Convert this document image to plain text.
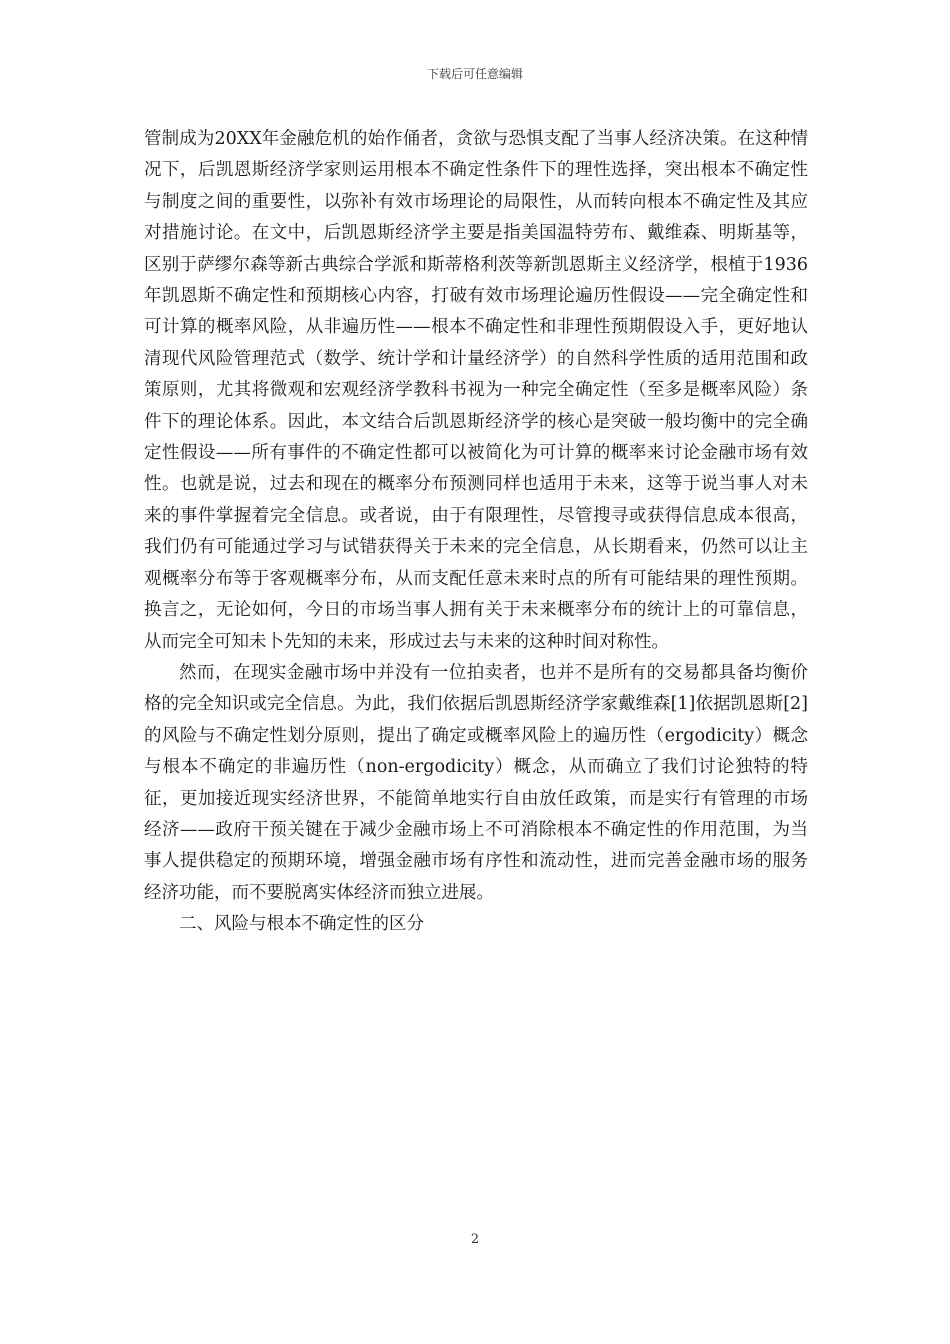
下载后可任意编辑

管制成为20XX年金融危机的始作俑者，贪欲与恐惧支配了当事人经济决策。在这种情况下，后凯恩斯经济学家则运用根本不确定性条件下的理性选择，突出根本不确定性与制度之间的重要性，以弥补有效市场理论的局限性，从而转向根本不确定性及其应对措施讨论。在文中，后凯恩斯经济学主要是指美国温特劳布、戴维森、明斯基等，区别于萨缪尔森等新古典综合学派和斯蒂格利茨等新凯恩斯主义经济学，根植于1936年凯恩斯不确定性和预期核心内容，打破有效市场理论遍历性假设——完全确定性和可计算的概率风险，从非遍历性——根本不确定性和非理性预期假设入手，更好地认清现代风险管理范式（数学、统计学和计量经济学）的自然科学性质的适用范围和政策原则，尤其将微观和宏观经济学教科书视为一种完全确定性（至多是概率风险）条件下的理论体系。因此，本文结合后凯恩斯经济学的核心是突破一般均衡中的完全确定性假设——所有事件的不确定性都可以被简化为可计算的概率来讨论金融市场有效性。也就是说，过去和现在的概率分布预测同样也适用于未来，这等于说当事人对未来的事件掌握着完全信息。或者说，由于有限理性，尽管搜寻或获得信息成本很高，我们仍有可能通过学习与试错获得关于未来的完全信息，从长期看来，仍然可以让主观概率分布等于客观概率分布，从而支配任意未来时点的所有可能结果的理性预期。换言之，无论如何，今日的市场当事人拥有关于未来概率分布的统计上的可靠信息，从而完全可知未卜先知的未来，形成过去与未来的这种时间对称性。

然而，在现实金融市场中并没有一位拍卖者，也并不是所有的交易都具备均衡价格的完全知识或完全信息。为此，我们依据后凯恩斯经济学家戴维森[1]依据凯恩斯[2]的风险与不确定性划分原则，提出了确定或概率风险上的遍历性（ergodicity）概念与根本不确定的非遍历性（non-ergodicity）概念，从而确立了我们讨论独特的特征，更加接近现实经济世界，不能简单地实行自由放任政策，而是实行有管理的市场经济——政府干预关键在于减少金融市场上不可消除根本不确定性的作用范围，为当事人提供稳定的预期环境，增强金融市场有序性和流动性，进而完善金融市场的服务经济功能，而不要脱离实体经济而独立进展。

二、风险与根本不确定性的区分

2
